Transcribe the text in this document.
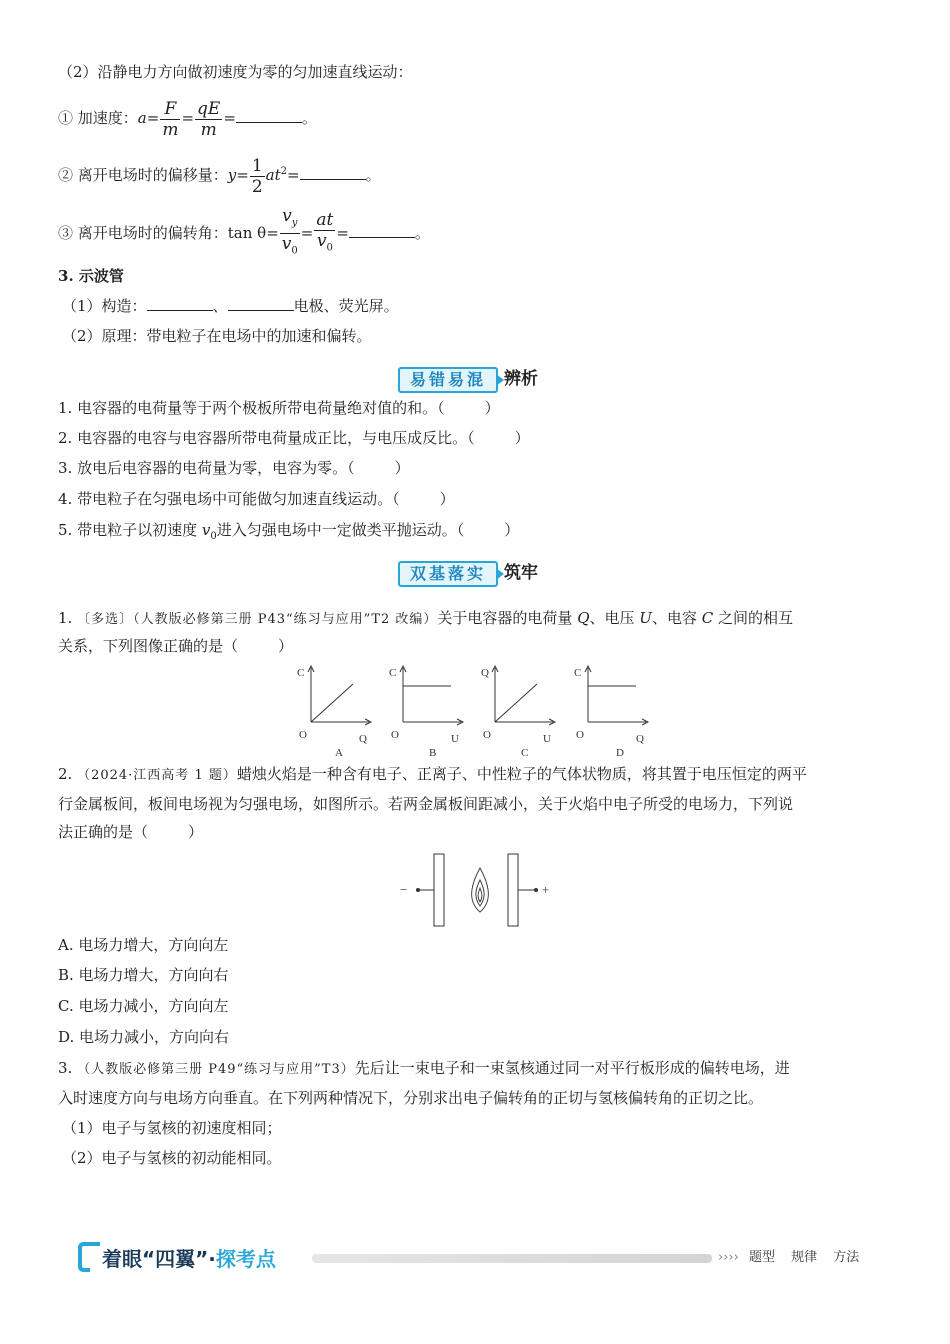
（2）沿静电力方向做初速度为零的匀加速直线运动：
① 加速度：$a= \frac{F}{m} = \frac{qE}{m}$ =	。
② 离开电场时的偏移量：$y= \frac{1}{2} at^2=$	。
③ 离开电场时的偏转角：$\tan \theta= \frac{v_y}{v_0} = \frac{at}{v_0}$ =	。
3. 示波管
（1）构造：	、	电极、荧光屏。
（2）原理：带电粒子在电场中的加速和偏转。
易错易混	辨析
1. 电容器的电荷量等于两个极板所带电荷量绝对值的和。（	）
2. 电容器的电容与电容器所带电荷量成正比，与电压成反比。（	）
3. 放电后电容器的电荷量为零，电容为零。（	）
4. 带电粒子在匀强电场中可能做匀加速直线运动。（	）
5. 带电粒子以初速度 $v_0$进入匀强电场中一定做类平抛运动。（	）
双基落实	筑牢
1. 〔多选〕（人教版必修第三册 P43“练习与应用”T2 改编）关于电容器的电荷量 Q、电压 U、电容 C 之间的相互
关系，下列图像正确的是（	）
C
O	Q
A
C
O	U
B
Q
O	U
C
C
O	Q
D
2. （2024·江西高考 1 题）蜡烛火焰是一种含有电子、正离子、中性粒子的气体状物质，将其置于电压恒定的两平
行金属板间，板间电场视为匀强电场，如图所示。若两金属板间距减小，关于火焰中电子所受的电场力，下列说
法正确的是（	）
−	+
A. 电场力增大，方向向左
B. 电场力增大，方向向右
C. 电场力减小，方向向左
D. 电场力减小，方向向右
3. （人教版必修第三册 P49“练习与应用”T3）先后让一束电子和一束氢核通过同一对平行板形成的偏转电场，进
入时速度方向与电场方向垂直。在下列两种情况下，分别求出电子偏转角的正切与氢核偏转角的正切之比。
（1）电子与氢核的初速度相同；
（2）电子与氢核的初动能相同。
着眼“四翼”·探考点	›››› 题型 规律 方法
